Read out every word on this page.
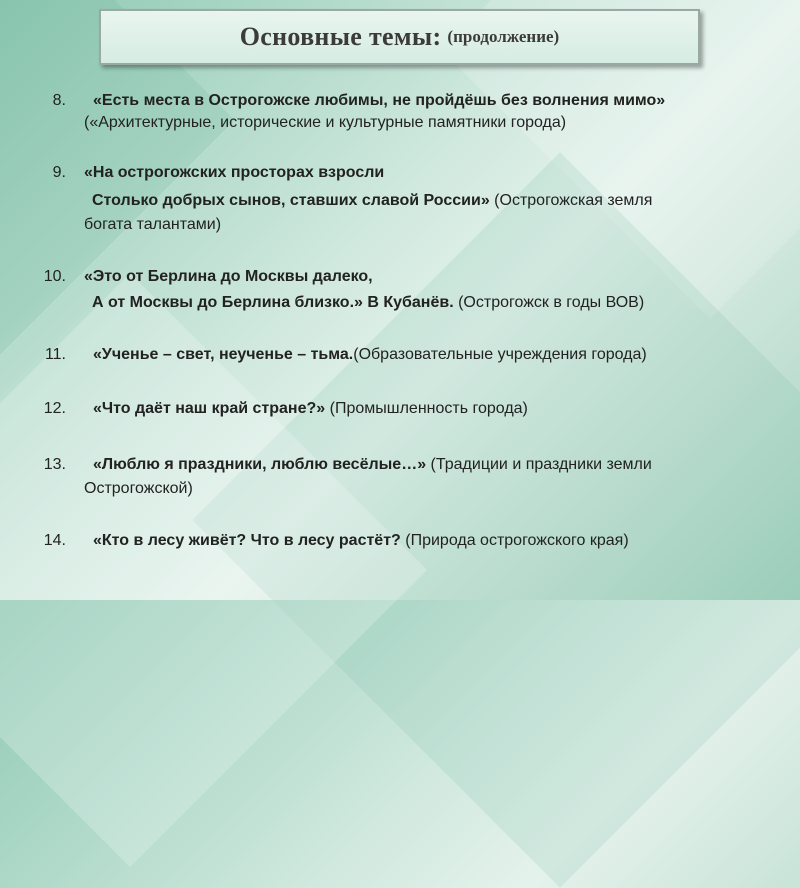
Основные темы: (продолжение)
8. «Есть места в Острогожске любимы, не пройдёшь без волнения мимо»
(«Архитектурные, исторические и культурные памятники города)
9. «На острогожских просторах взросли
Столько добрых сынов, ставших славой России» (Острогожская земля
богата талантами)
10. «Это от Берлина до Москвы далеко,
А от Москвы до Берлина близко.» В Кубанёв. (Острогожск в годы ВОВ)
11. «Ученье – свет, неученье – тьма.(Образовательные учреждения города)
12. «Что даёт наш край стране?» (Промышленность города)
13. «Люблю я праздники, люблю весёлые…» (Традиции и праздники земли
Острогожской)
14. «Кто в лесу живёт? Что в лесу растёт? (Природа острогожского края)
